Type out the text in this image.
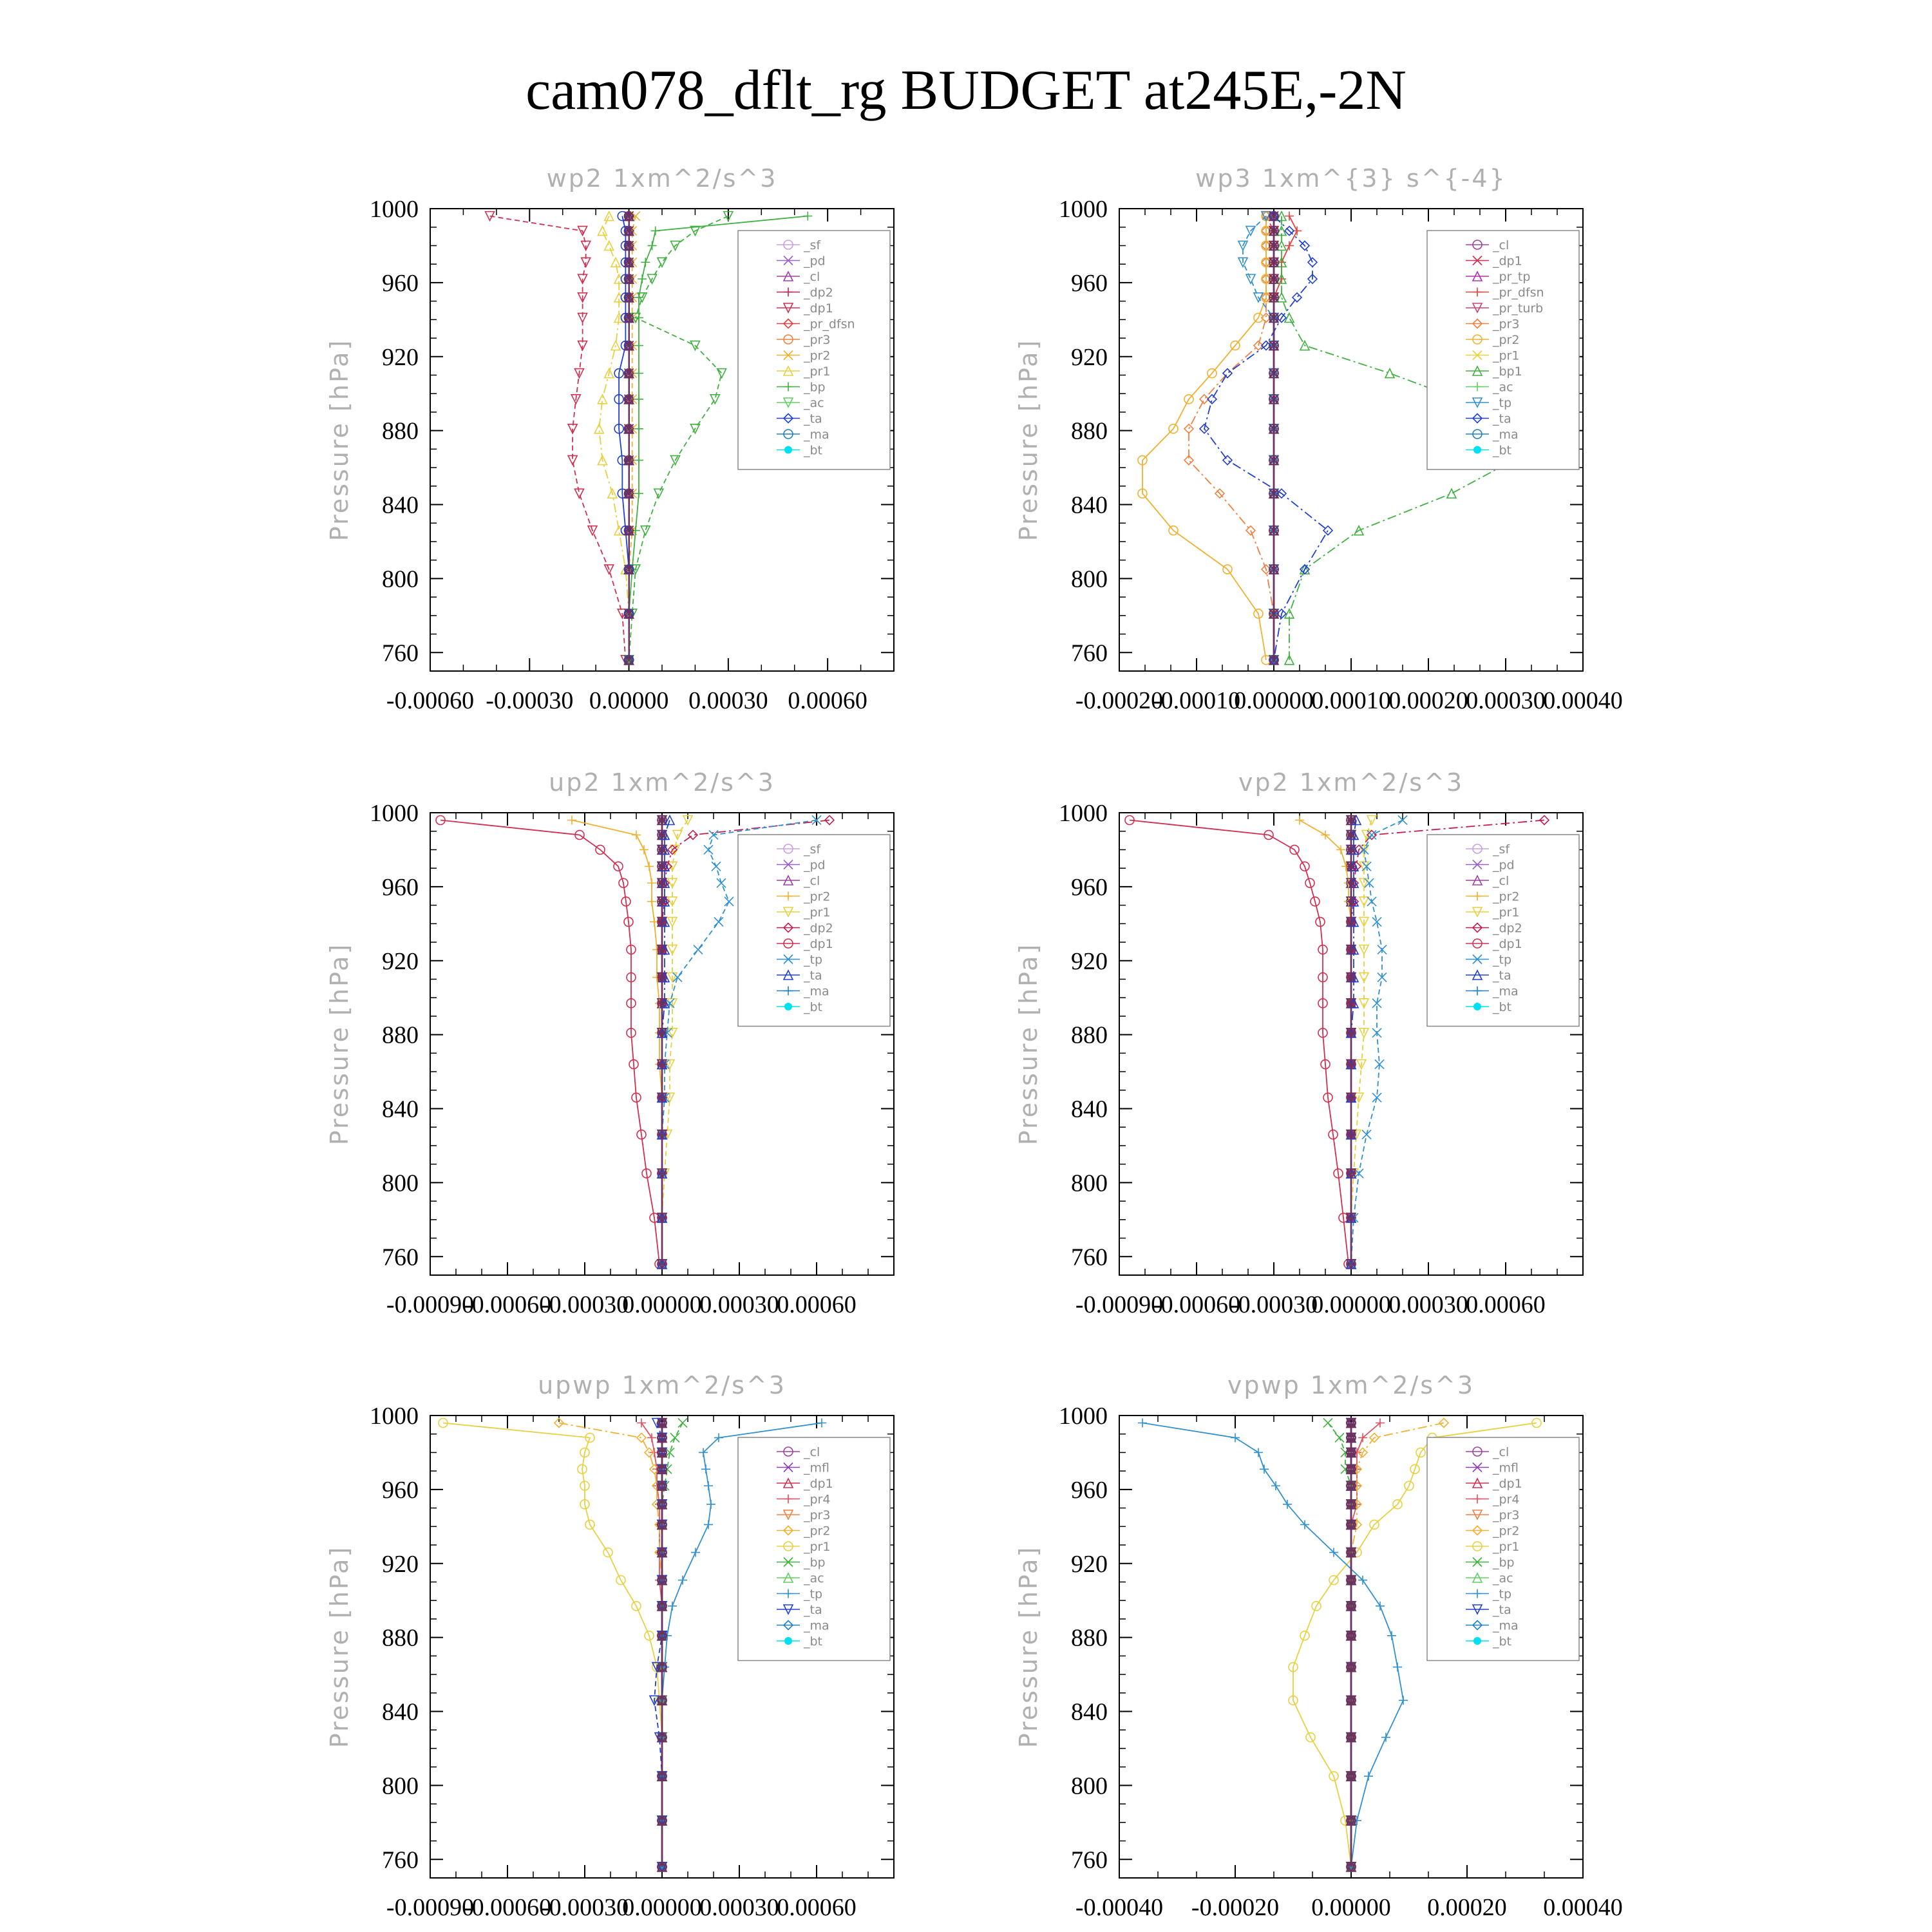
cam078_dflt_rg BUDGET at245E,-2N
760
800
840
880
920
960
1000
-0.00060 -0.00030 0.00000 0.00030 0.00060
wp2 1xm^2/s^3
Pressure [hPa]
_sf
_pd
_cl
_dp2
_dp1
_pr_dfsn
_pr3
_pr2
_pr1
_bp
_ac
_ta
_ma
_bt
760
800
840
880
920
960
1000
-0.00020
-0.00010
0.00000
0.00010
0.00020
0.00030
0.00040
wp3 1xm^{3} s^{-4}
Pressure [hPa]
_cl
_dp1
_pr_tp
_pr_dfsn
_pr_turb
_pr3
_pr2
_pr1
_bp1
_ac
_tp
_ta
_ma
_bt
760
800
840
880
920
960
1000
-0.00090
-0.00060
-0.00030
0.00000
0.00030
0.00060
up2 1xm^2/s^3
Pressure [hPa]
_sf
_pd
_cl
_pr2
_pr1
_dp2
_dp1
_tp
_ta
_ma
_bt
760
800
840
880
920
960
1000
-0.00090
-0.00060
-0.00030
0.00000
0.00030
0.00060
vp2 1xm^2/s^3
Pressure [hPa]
_sf
_pd
_cl
_pr2
_pr1
_dp2
_dp1
_tp
_ta
_ma
_bt
760
800
840
880
920
960
1000
-0.00090
-0.00060
-0.00030
0.00000
0.00030
0.00060
upwp 1xm^2/s^3
Pressure [hPa]
_cl
_mfl
_dp1
_pr4
_pr3
_pr2
_pr1
_bp
_ac
_tp
_ta
_ma
_bt
760
800
840
880
920
960
1000
-0.00040 -0.00020 0.00000 0.00020 0.00040
vpwp 1xm^2/s^3
Pressure [hPa]
_cl
_mfl
_dp1
_pr4
_pr3
_pr2
_pr1
_bp
_ac
_tp
_ta
_ma
_bt
